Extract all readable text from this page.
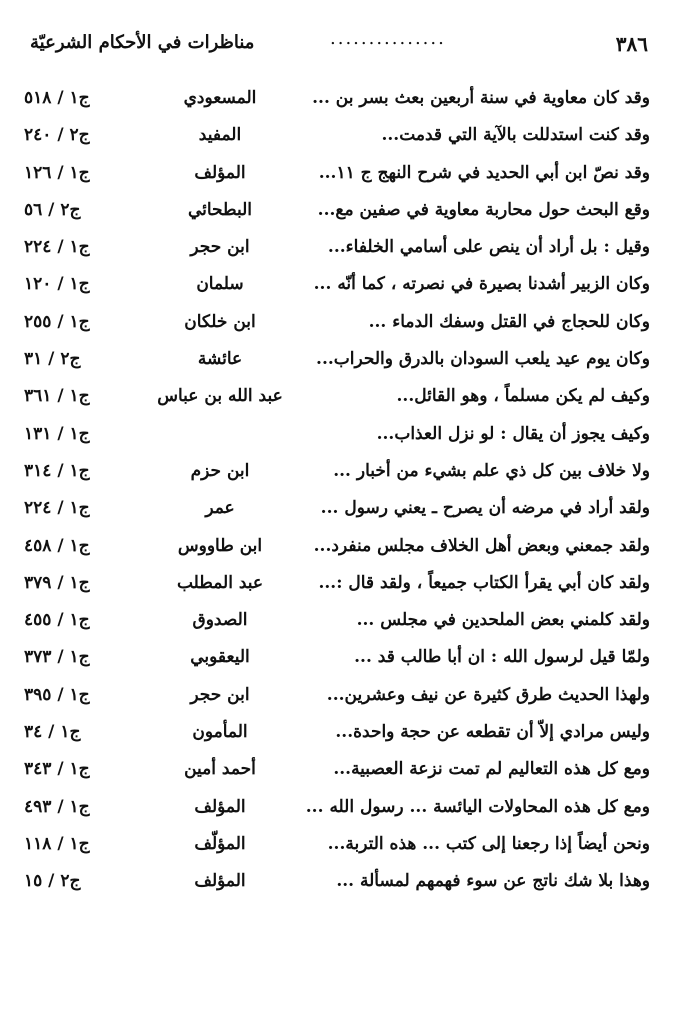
٣٨٦
...............
مناظرات في الأحكام الشرعيّة
وقد كان معاوية في سنة أربعين بعث بسر بن ...
المسعودي
ج١ / ٥١٨
وقد كنت استدللت بالآية التي قدمت...
المفيد
ج٢ / ٢٤٠
وقد نصّ ابن أبي الحديد في شرح النهج ج ١١...
المؤلف
ج١ / ١٢٦
وقع البحث حول محاربة معاوية في صفين مع...
البطحائي
ج٢ / ٥٦
وقيل : بل أراد أن ينص على أسامي الخلفاء...
ابن حجر
ج١ / ٢٢٤
وكان الزبير أشدنا بصيرة في نصرته ، كما أنّه ...
سلمان
ج١ / ١٢٠
وكان للحجاج في القتل وسفك الدماء ...
ابن خلكان
ج١ / ٢٥٥
وكان يوم عيد يلعب السودان بالدرق والحراب...
عائشة
ج٢ / ٣١
وكيف لم يكن مسلماً ، وهو القائل...
عبد الله بن عباس
ج١ / ٣٦١
وكيف يجوز أن يقال : لو نزل العذاب...
ج١ / ١٣١
ولا خلاف بين كل ذي علم بشيء من أخبار ...
ابن حزم
ج١ / ٣١٤
ولقد أراد في مرضه أن يصرح ـ يعني رسول ...
عمر
ج١ / ٢٢٤
ولقد جمعني وبعض أهل الخلاف مجلس منفرد...
ابن طاووس
ج١ / ٤٥٨
ولقد كان أبي يقرأ الكتاب جميعاً ، ولقد قال :...
عبد المطلب
ج١ / ٣٧٩
ولقد كلمني بعض الملحدين في مجلس ...
الصدوق
ج١ / ٤٥٥
ولمّا قيل لرسول الله : ان أبا طالب قد ...
اليعقوبي
ج١ / ٣٧٣
ولهذا الحديث طرق كثيرة عن نيف وعشرين...
ابن حجر
ج١ / ٣٩٥
وليس مرادي إلاّ أن تقطعه عن حجة واحدة...
المأمون
ج١ / ٣٤
ومع كل هذه التعاليم لم تمت نزعة العصبية...
أحمد أمين
ج١ / ٣٤٣
ومع كل هذه المحاولات اليائسة ... رسول الله ...
المؤلف
ج١ / ٤٩٣
ونحن أيضاً إذا رجعنا إلى كتب ... هذه التربة...
المؤلّف
ج١ / ١١٨
وهذا بلا شك ناتج عن سوء فهمهم لمسألة ...
المؤلف
ج٢ / ١٥
